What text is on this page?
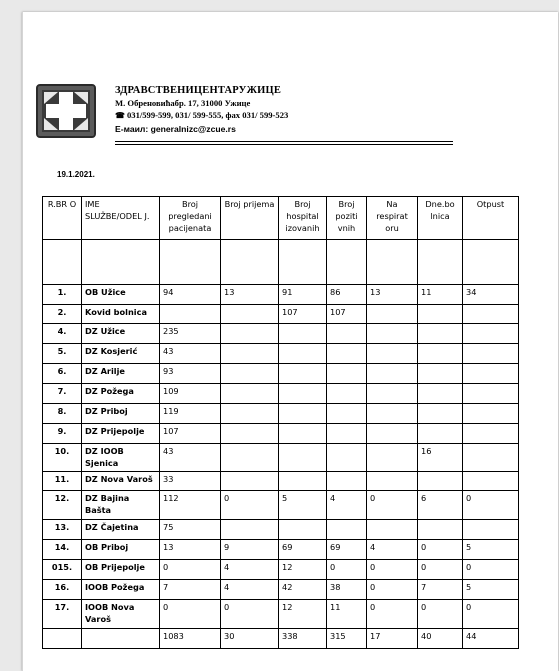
ЗДРАВСТВЕНИЦЕНТАРУЖИЦЕ
М. Обреновићабр. 17, 31000 Ужице
☎ 031/599-599, 031/ 599-555, фах 031/ 599-523
Е-маил: generalnizc@zcue.rs
19.1.2021.
R.BR O	IME SLUŽBE/ODEL J.	Broj pregledani pacijenata	Broj prijema	Broj hospital izovanih	Broj poziti vnih	Na respirat oru	Dne.bo lnica	Otpust

1.	OB Užice	94	13	91	86	13	11	34
2.	Kovid bolnica			107	107			
4.	DZ Užice	235						
5.	DZ Kosjerić	43						
6.	DZ Arilje	93						
7.	DZ Požega	109						
8.	DZ Priboj	119						
9.	DZ Prijepolje	107						
10.	DZ IOOB Sjenica	43					16	
11.	DZ Nova Varoš	33						
12.	DZ Bajina Bašta	112	0	5	4	0	6	0
13.	DZ Čajetina	75						
14.	OB Priboj	13	9	69	69	4	0	5
015.	OB Prijepolje	0	4	12	0	0	0	0
16.	IOOB Požega	7	4	42	38	0	7	5
17.	IOOB Nova Varoš	0	0	12	11	0	0	0
		1083	30	338	315	17	40	44
